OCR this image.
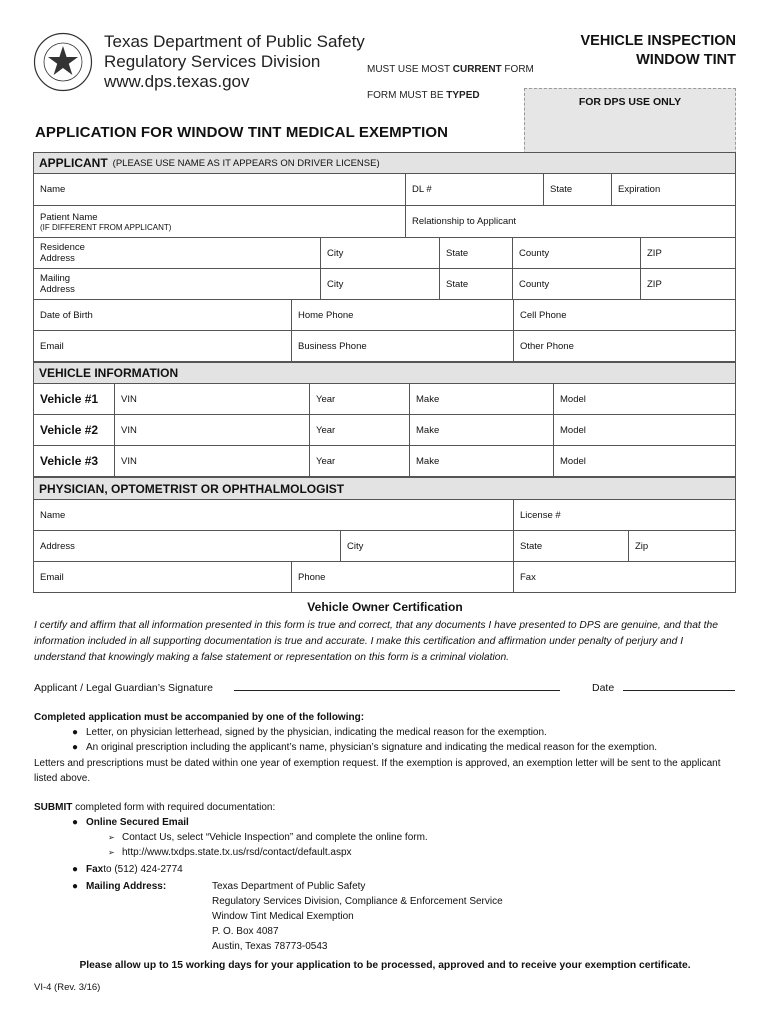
Texas Department of Public Safety
Regulatory Services Division
www.dps.texas.gov
MUST USE MOST CURRENT FORM
FORM MUST BE TYPED
VEHICLE INSPECTION
WINDOW TINT
FOR DPS USE ONLY
APPLICATION FOR WINDOW TINT MEDICAL EXEMPTION
APPLICANT (PLEASE USE NAME AS IT APPEARS ON DRIVER LICENSE)
Name	DL #	State	Expiration
Patient Name
(IF DIFFERENT FROM APPLICANT)	Relationship to Applicant
Residence
Address	City	State	County	ZIP
Mailing
Address	City	State	County	ZIP
Date of Birth	Home Phone	Cell Phone
Email	Business Phone	Other Phone
VEHICLE INFORMATION
Vehicle #1	VIN	Year	Make	Model
Vehicle #2	VIN	Year	Make	Model
Vehicle #3	VIN	Year	Make	Model
PHYSICIAN, OPTOMETRIST OR OPHTHALMOLOGIST
Name	License #
Address	City	State	Zip
Email	Phone	Fax
Vehicle Owner Certification
I certify and affirm that all information presented in this form is true and correct, that any documents I have presented to DPS are genuine, and that the information included in all supporting documentation is true and accurate. I make this certification and affirmation under penalty of perjury and I understand that knowingly making a false statement or representation on this form is a criminal violation.
Applicant / Legal Guardian’s Signature	Date
Completed application must be accompanied by one of the following:
● Letter, on physician letterhead, signed by the physician, indicating the medical reason for the exemption.
● An original prescription including the applicant’s name, physician’s signature and indicating the medical reason for the exemption.
Letters and prescriptions must be dated within one year of exemption request. If the exemption is approved, an exemption letter will be sent to the applicant listed above.
SUBMIT completed form with required documentation:
● Online Secured Email
➢ Contact Us, select “Vehicle Inspection” and complete the online form.
➢ http://www.txdps.state.tx.us/rsd/contact/default.aspx
● Fax to (512) 424-2774
● Mailing Address:	Texas Department of Public Safety
Regulatory Services Division, Compliance & Enforcement Service
Window Tint Medical Exemption
P. O. Box 4087
Austin, Texas 78773-0543
Please allow up to 15 working days for your application to be processed, approved and to receive your exemption certificate.
VI-4 (Rev. 3/16)
